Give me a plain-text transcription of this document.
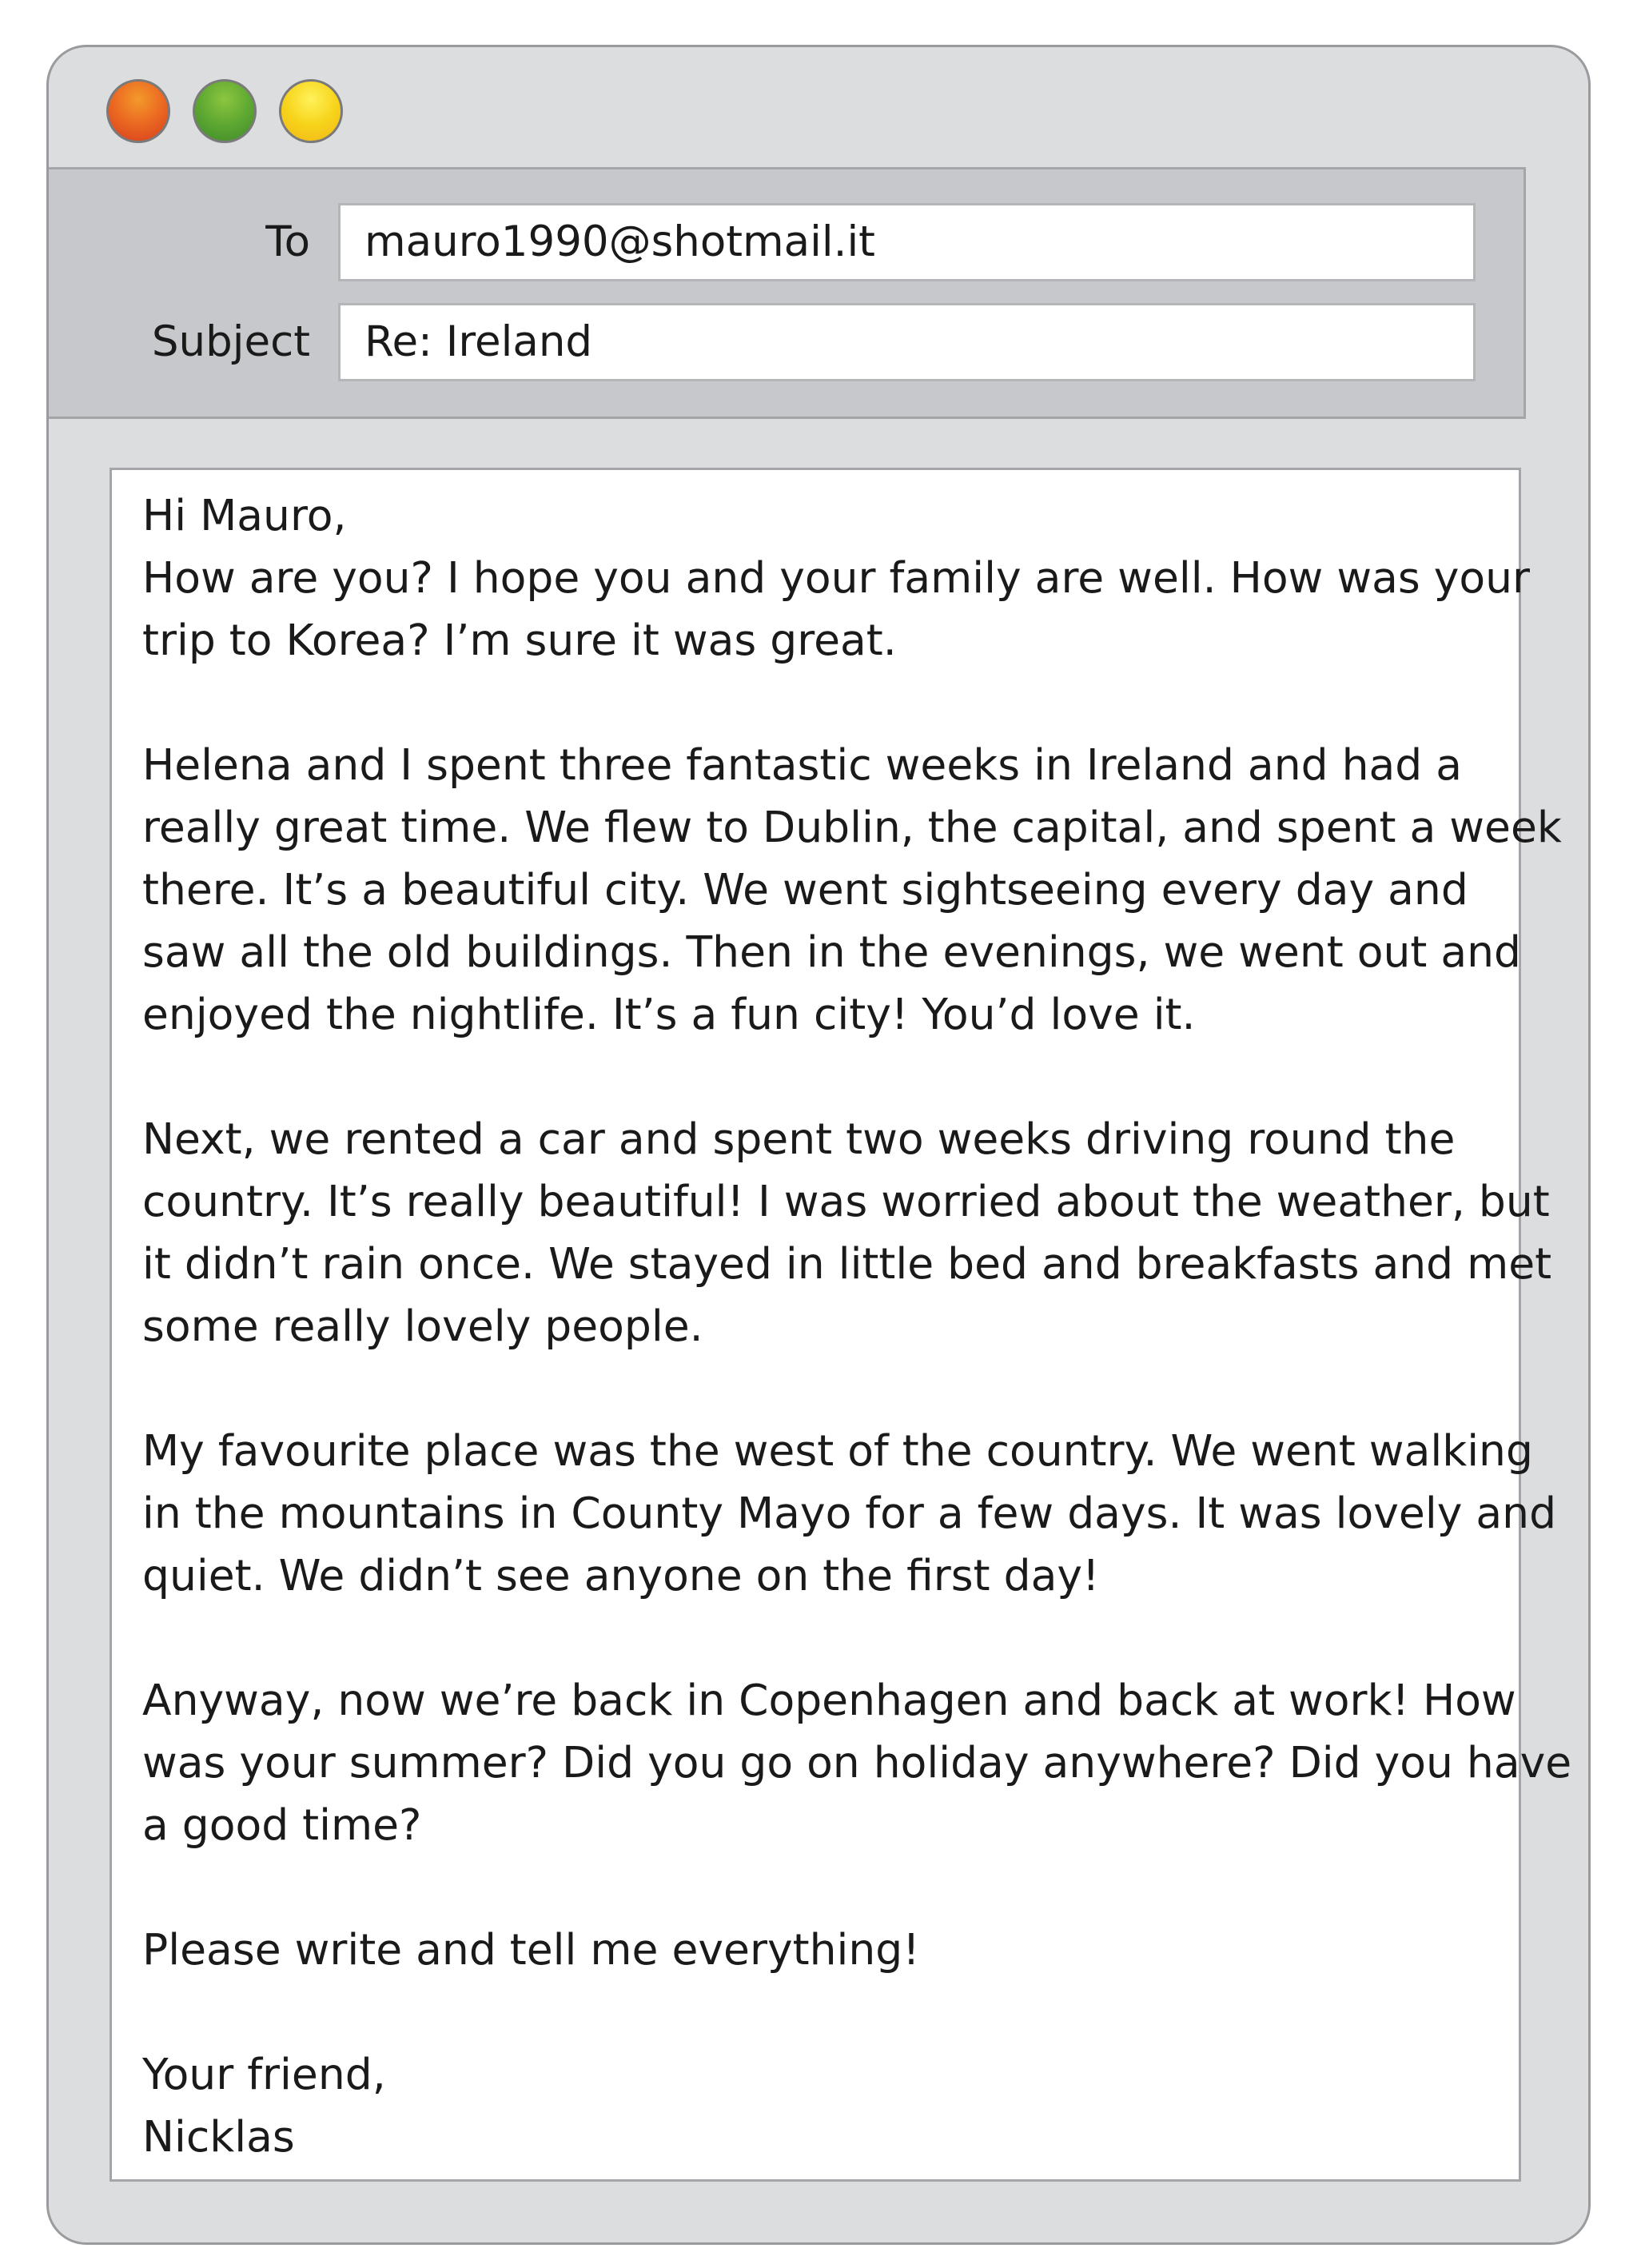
To	mauro1990@shotmail.it
Subject	Re: Ireland
Hi Mauro,
How are you? I hope you and your family are well. How was your
trip to Korea? I’m sure it was great.
Helena and I spent three fantastic weeks in Ireland and had a
really great time. We flew to Dublin, the capital, and spent a week
there. It’s a beautiful city. We went sightseeing every day and
saw all the old buildings. Then in the evenings, we went out and
enjoyed the nightlife. It’s a fun city! You’d love it.
Next, we rented a car and spent two weeks driving round the
country. It’s really beautiful! I was worried about the weather, but
it didn’t rain once. We stayed in little bed and breakfasts and met
some really lovely people.
My favourite place was the west of the country. We went walking
in the mountains in County Mayo for a few days. It was lovely and
quiet. We didn’t see anyone on the first day!
Anyway, now we’re back in Copenhagen and back at work! How
was your summer? Did you go on holiday anywhere? Did you have
a good time?
Please write and tell me everything!
Your friend,
Nicklas
